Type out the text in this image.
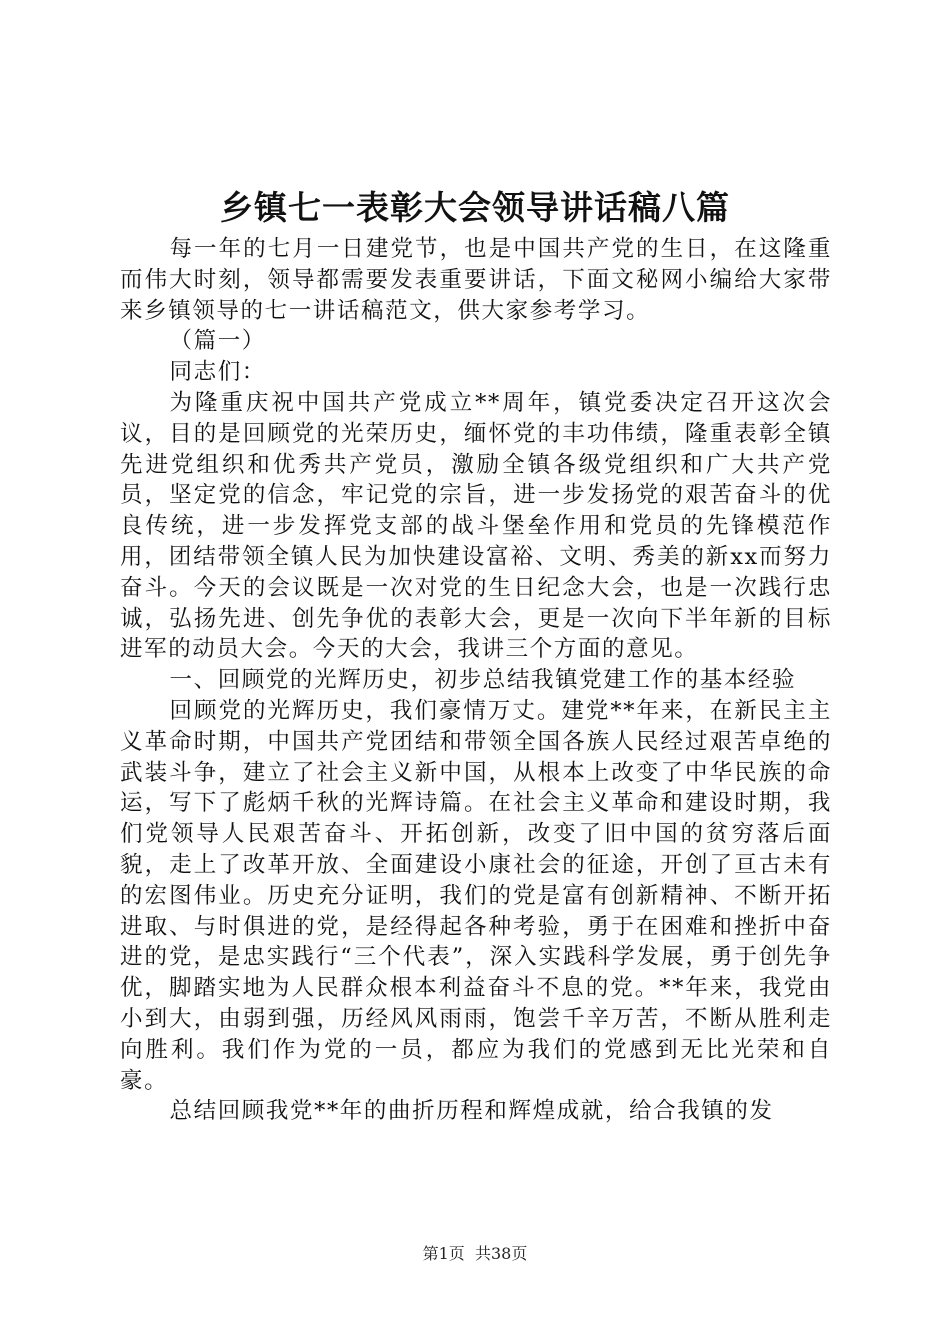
乡镇七一表彰大会领导讲话稿八篇

每一年的七月一日建党节，也是中国共产党的生日，在这隆重而伟大时刻，领导都需要发表重要讲话，下面文秘网小编给大家带来乡镇领导的七一讲话稿范文，供大家参考学习。

（篇一）

同志们：

为隆重庆祝中国共产党成立**周年，镇党委决定召开这次会议，目的是回顾党的光荣历史，缅怀党的丰功伟绩，隆重表彰全镇先进党组织和优秀共产党员，激励全镇各级党组织和广大共产党员，坚定党的信念，牢记党的宗旨，进一步发扬党的艰苦奋斗的优良传统，进一步发挥党支部的战斗堡垒作用和党员的先锋模范作用，团结带领全镇人民为加快建设富裕、文明、秀美的新xx而努力奋斗。今天的会议既是一次对党的生日纪念大会，也是一次践行忠诚，弘扬先进、创先争优的表彰大会，更是一次向下半年新的目标进军的动员大会。今天的大会，我讲三个方面的意见。

一、回顾党的光辉历史，初步总结我镇党建工作的基本经验

回顾党的光辉历史，我们豪情万丈。建党**年来，在新民主主义革命时期，中国共产党团结和带领全国各族人民经过艰苦卓绝的武装斗争，建立了社会主义新中国，从根本上改变了中华民族的命运，写下了彪炳千秋的光辉诗篇。在社会主义革命和建设时期，我们党领导人民艰苦奋斗、开拓创新，改变了旧中国的贫穷落后面貌，走上了改革开放、全面建设小康社会的征途，开创了亘古未有的宏图伟业。历史充分证明，我们的党是富有创新精神、不断开拓进取、与时俱进的党，是经得起各种考验，勇于在困难和挫折中奋进的党，是忠实践行“三个代表”，深入实践科学发展，勇于创先争优，脚踏实地为人民群众根本利益奋斗不息的党。**年来，我党由小到大，由弱到强，历经风风雨雨，饱尝千辛万苦，不断从胜利走向胜利。我们作为党的一员，都应为我们的党感到无比光荣和自豪。

总结回顾我党**年的曲折历程和辉煌成就，给合我镇的发

第1页 共38页
